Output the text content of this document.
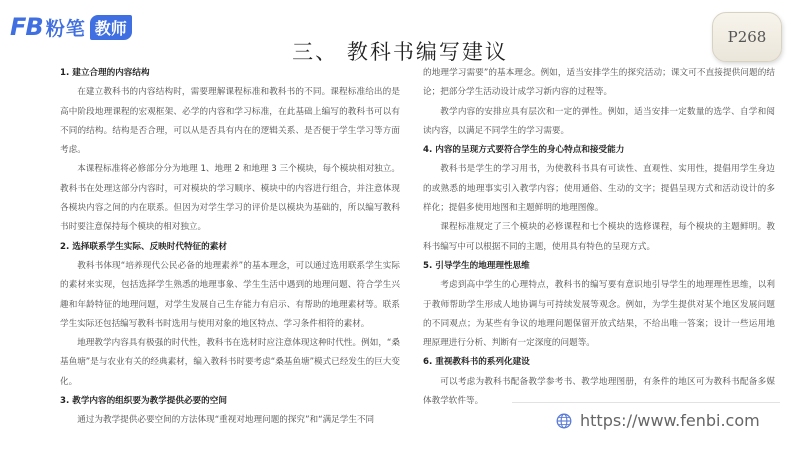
FB 粉笔 教师
三、 教科书编写建议
P268

1. 建立合理的内容结构

在建立教科书的内容结构时，需要理解课程标准和教科书的不同。课程标准给出的是高中阶段地理课程的宏观框架、必学的内容和学习标准，在此基础上编写的教科书可以有不同的结构。结构是否合理，可以从是否具有内在的逻辑关系、是否便于学生学习等方面考虑。

本课程标准将必修部分分为地理 1、地理 2 和地理 3 三个模块，每个模块相对独立。教科书在处理这部分内容时，可对模块的学习顺序、模块中的内容进行组合，并注意体现各模块内容之间的内在联系。但因为对学生学习的评价是以模块为基础的，所以编写教科书时要注意保持每个模块的相对独立。

2. 选择联系学生实际、反映时代特征的素材

教科书体现“培养现代公民必备的地理素养”的基本理念，可以通过选用联系学生实际的素材来实现，包括选择学生熟悉的地理事象、学生生活中遇到的地理问题、符合学生兴趣和年龄特征的地理问题，对学生发展自己生存能力有启示、有帮助的地理素材等。联系学生实际还包括编写教科书时选用与使用对象的地区特点、学习条件相符的素材。

地理教学内容具有极强的时代性，教科书在选材时应注意体现这种时代性。例如，“桑基鱼塘”是与农业有关的经典素材，编入教科书时要考虑“桑基鱼塘”模式已经发生的巨大变化。

3. 教学内容的组织要为教学提供必要的空间

通过为教学提供必要空间的方法体现“重视对地理问题的探究”和“满足学生不同

的地理学习需要”的基本理念。例如，适当安排学生的探究活动；课文可不直接提供问题的结论；把部分学生活动设计成学习新内容的过程等。

教学内容的安排应具有层次和一定的弹性。例如，适当安排一定数量的选学、自学和阅读内容，以满足不同学生的学习需要。

4. 内容的呈现方式要符合学生的身心特点和接受能力

教科书是学生的学习用书，为使教科书具有可读性、直观性、实用性，提倡用学生身边的或熟悉的地理事实引入教学内容；使用通俗、生动的文字；提倡呈现方式和活动设计的多样化；提倡多使用地图和主题鲜明的地理图像。

课程标准规定了三个模块的必修课程和七个模块的选修课程，每个模块的主题鲜明。教科书编写中可以根据不同的主题，使用具有特色的呈现方式。

5. 引导学生的地理理性思维

考虑到高中学生的心理特点，教科书的编写要有意识地引导学生的地理理性思维，以利于教师帮助学生形成人地协调与可持续发展等观念。例如，为学生提供对某个地区发展问题的不同观点；为某些有争议的地理问题保留开放式结果，不给出唯一答案；设计一些运用地理原理进行分析、判断有一定深度的问题等。

6. 重视教科书的系列化建设

可以考虑为教科书配备教学参考书、教学地理图册，有条件的地区可为教科书配备多媒体教学软件等。

https://www.fenbi.com
